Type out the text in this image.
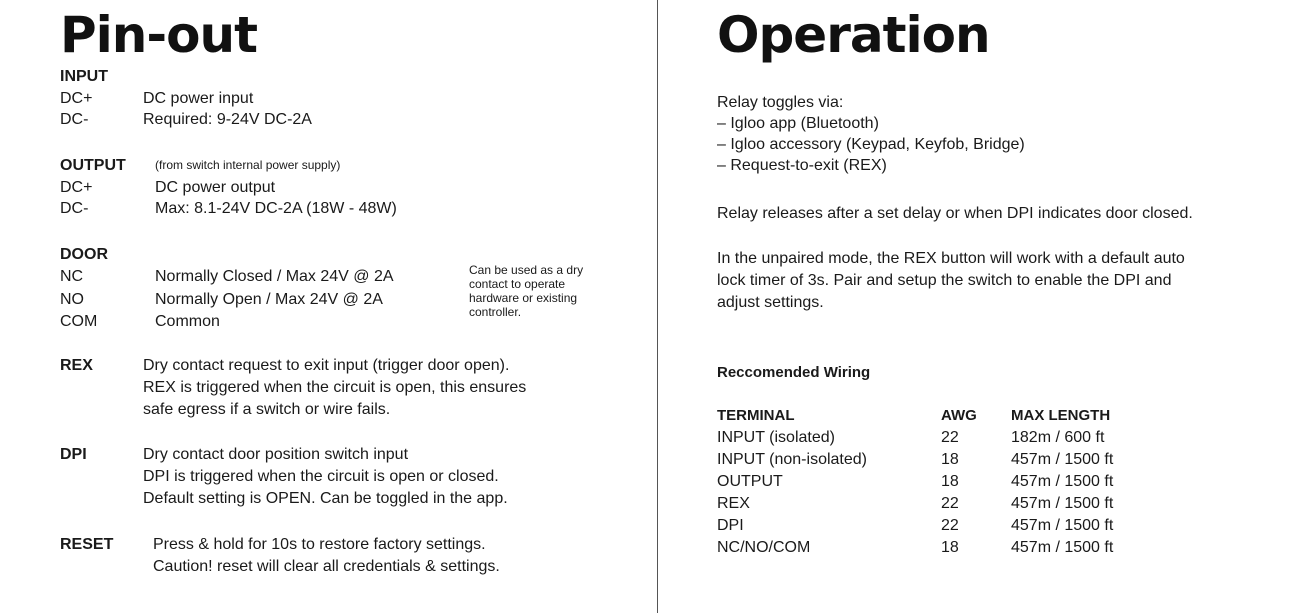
Pin-out
INPUT
DC+	DC power input
DC-	Required: 9-24V DC-2A
OUTPUT (from switch internal power supply)
DC+	DC power output
DC-	Max: 8.1-24V DC-2A (18W - 48W)
DOOR
NC	Normally Closed / Max 24V @ 2A
NO	Normally Open / Max 24V @ 2A
COM	Common
Can be used as a dry
contact to operate
hardware or existing
controller.
REX	Dry contact request to exit input (trigger door open).
REX is triggered when the circuit is open, this ensures
safe egress if a switch or wire fails.
DPI	Dry contact door position switch input
DPI is triggered when the circuit is open or closed.
Default setting is OPEN. Can be toggled in the app.
RESET Press & hold for 10s to restore factory settings.
Caution! reset will clear all credentials & settings.
Operation
Relay toggles via:
– Igloo app (Bluetooth)
– Igloo accessory (Keypad, Keyfob, Bridge)
– Request-to-exit (REX)
Relay releases after a set delay or when DPI indicates door closed.
In the unpaired mode, the REX button will work with a default auto
lock timer of 3s. Pair and setup the switch to enable the DPI and
adjust settings.
Reccomended Wiring
TERMINAL	AWG MAX LENGTH
INPUT (isolated)	22	182m / 600 ft
INPUT (non-isolated)	18	457m / 1500 ft
OUTPUT	18	457m / 1500 ft
REX	22	457m / 1500 ft
DPI	22	457m / 1500 ft
NC/NO/COM	18	457m / 1500 ft
